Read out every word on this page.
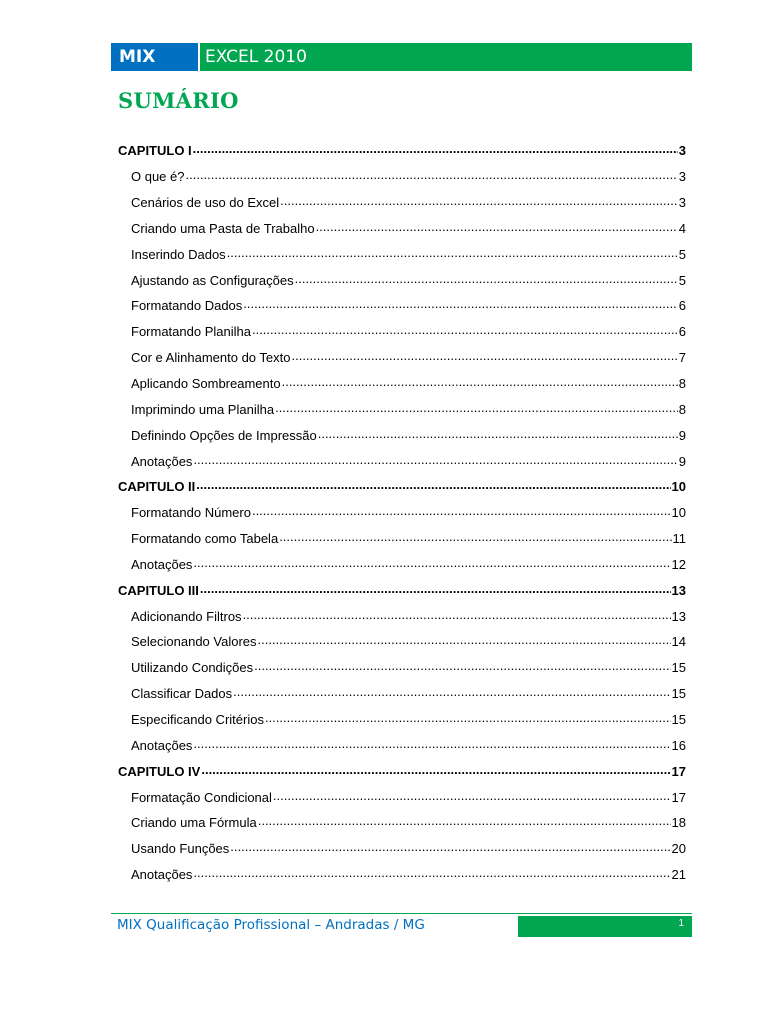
MIX	EXCEL 2010
SUMÁRIO
CAPITULO I .....	3
O que é? .....	3
Cenários de uso do Excel .....	3
Criando uma Pasta de Trabalho .....	4
Inserindo Dados .....	5
Ajustando as Configurações .....	5
Formatando Dados .....	6
Formatando Planilha .....	6
Cor e Alinhamento do Texto .....	7
Aplicando Sombreamento .....	8
Imprimindo uma Planilha .....	8
Definindo Opções de Impressão .....	9
Anotações .....	9
CAPITULO II .....	10
Formatando Número .....	10
Formatando como Tabela .....	11
Anotações .....	12
CAPITULO III .....	13
Adicionando Filtros .....	13
Selecionando Valores .....	14
Utilizando Condições .....	15
Classificar Dados .....	15
Especificando Critérios .....	15
Anotações .....	16
CAPITULO IV .....	17
Formatação Condicional .....	17
Criando uma Fórmula .....	18
Usando Funções .....	20
Anotações .....	21
MIX Qualificação Profissional – Andradas / MG	1
